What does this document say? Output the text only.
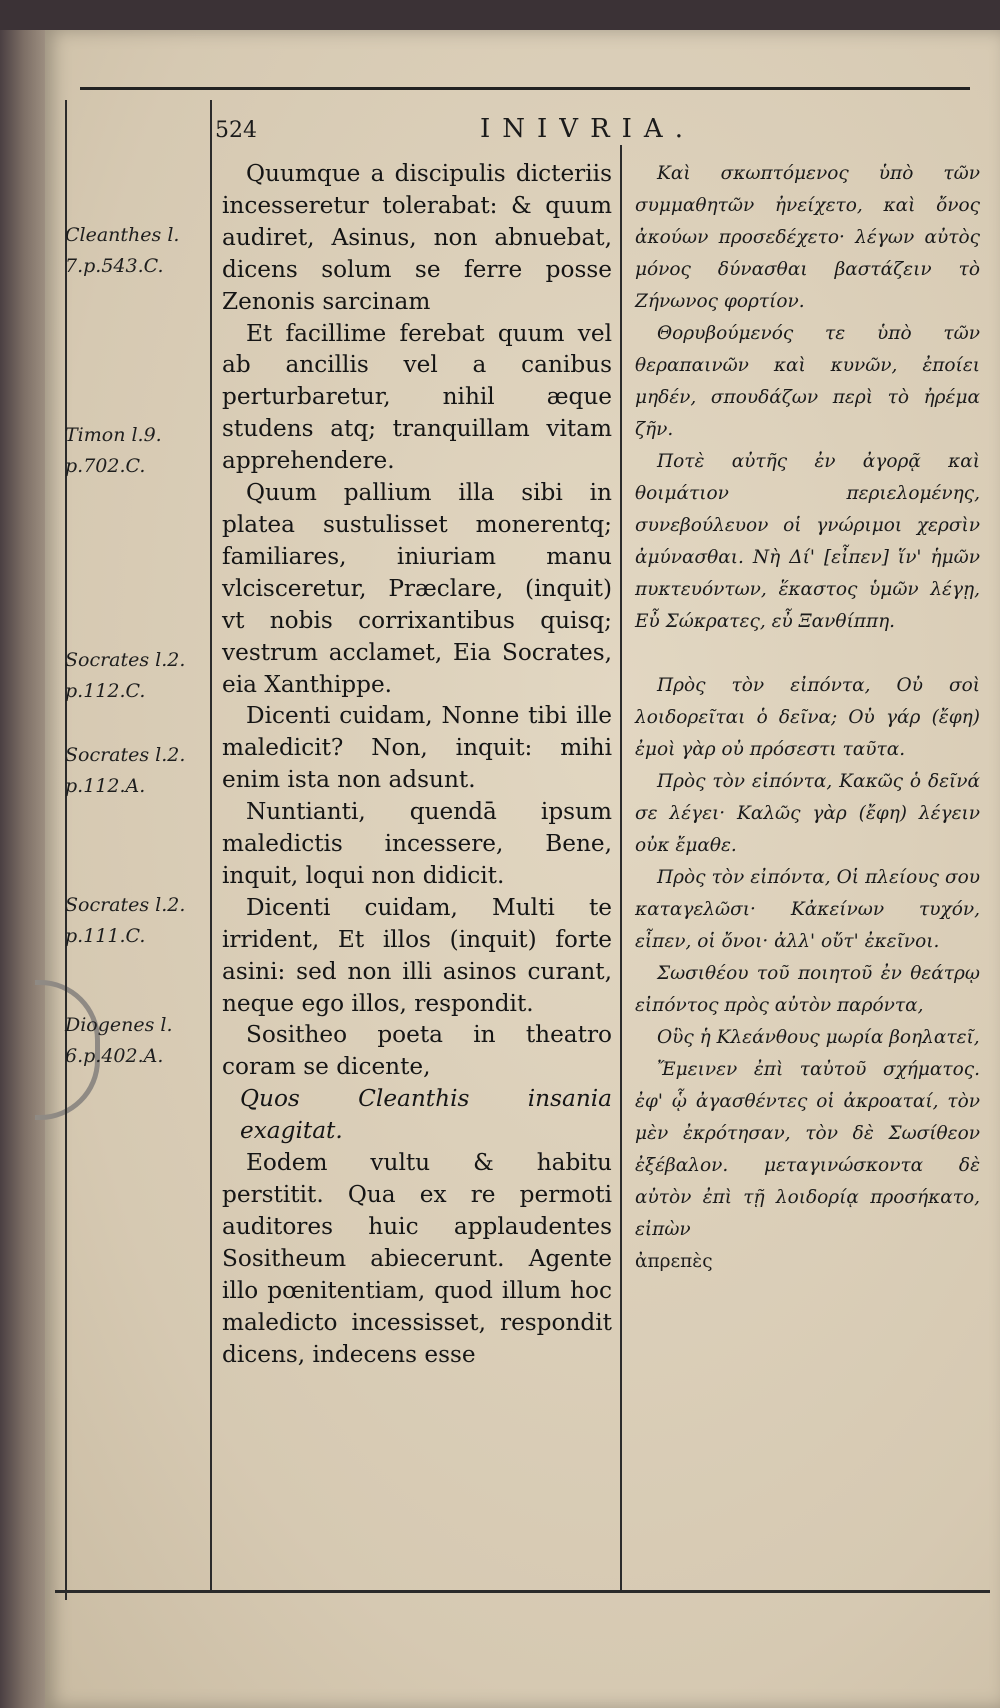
524	INIVRIA.
Cleanthes l.
7.p.543.C.
Timon l.9.
p.702.C.
Socrates l.2.
p.112.C.
Socrates l.2.
p.112.A.
Socrates l.2.
p.111.C.
Diogenes l.
6.p.402.A.

Quumque a discipulis dicteriis incesseretur tolerabat: & quum audiret, Asinus, non abnuebat, dicens solum se ferre posse Zenonis sarcinam

Et facillime ferebat quum vel ab ancillis vel a canibus perturbaretur, nihil æque studens atq; tranquillam vitam apprehendere.

Quum pallium illa sibi in platea sustulisset monerentq; familiares, iniuriam manu vlcisceretur, Præclare, (inquit) vt nobis corrixantibus quisq; vestrum acclamet, Eia Socrates, eia Xanthippe.

Dicenti cuidam, Nonne tibi ille maledicit? Non, inquit: mihi enim ista non adsunt.

Nuntianti, quendā ipsum maledictis incessere, Bene, inquit, loqui non didicit.

Dicenti cuidam, Multi te irrident, Et illos (inquit) forte asini: sed non illi asinos curant, neque ego illos, respondit.

Sositheo poeta in theatro coram se dicente,

Quos Cleanthis insania exagitat.

Eodem vultu & habitu perstitit. Qua ex re permoti auditores huic applaudentes Sositheum abiecerunt. Agente illo pœnitentiam, quod illum hoc maledicto incessisset, respondit dicens, indecens esse

Καὶ σκωπτόμενος ὑπὸ τῶν συμμαθητῶν ἠνείχετο, καὶ ὄνος ἀκούων προσεδέχετο· λέγων αὐτὸς μόνος δύνασθαι βαστάζειν τὸ Ζήνωνος φορτίον.

Θορυβούμενός τε ὑπὸ τῶν θεραπαινῶν καὶ κυνῶν, ἐποίει μηδέν, σπουδάζων περὶ τὸ ἠρέμα ζῆν.

Ποτὲ αὐτῆς ἐν ἀγορᾷ καὶ θοιμάτιον περιελομένης, συνεβούλευον οἱ γνώριμοι χερσὶν ἀμύνασθαι. Νὴ Δί' [εἶπεν] ἵν' ἡμῶν πυκτευόντων, ἕκαστος ὑμῶν λέγῃ, Εὖ Σώκρατες, εὖ Ξανθίππη.

Πρὸς τὸν εἰπόντα, Οὐ σοὶ λοιδορεῖται ὁ δεῖνα; Οὐ γάρ (ἔφη) ἐμοὶ γὰρ οὐ πρόσεστι ταῦτα.

Πρὸς τὸν εἰπόντα, Κακῶς ὁ δεῖνά σε λέγει· Καλῶς γὰρ (ἔφη) λέγειν οὐκ ἔμαθε.

Πρὸς τὸν εἰπόντα, Οἱ πλείους σου καταγελῶσι· Κἀκείνων τυχόν, εἶπεν, οἱ ὄνοι· ἀλλ' οὔτ' ἐκεῖνοι.

Σωσιθέου τοῦ ποιητοῦ ἐν θεάτρῳ εἰπόντος πρὸς αὐτὸν παρόντα,

Οὓς ἡ Κλεάνθους μωρία βοηλατεῖ,

Ἔμεινεν ἐπὶ ταὐτοῦ σχήματος. ἐφ' ᾧ ἀγασθέντες οἱ ἀκροαταί, τὸν μὲν ἐκρότησαν, τὸν δὲ Σωσίθεον ἐξέβαλον. μεταγινώσκοντα δὲ αὐτὸν ἐπὶ τῇ λοιδορίᾳ προσήκατο, εἰπὼν

ἀπρεπὲς
